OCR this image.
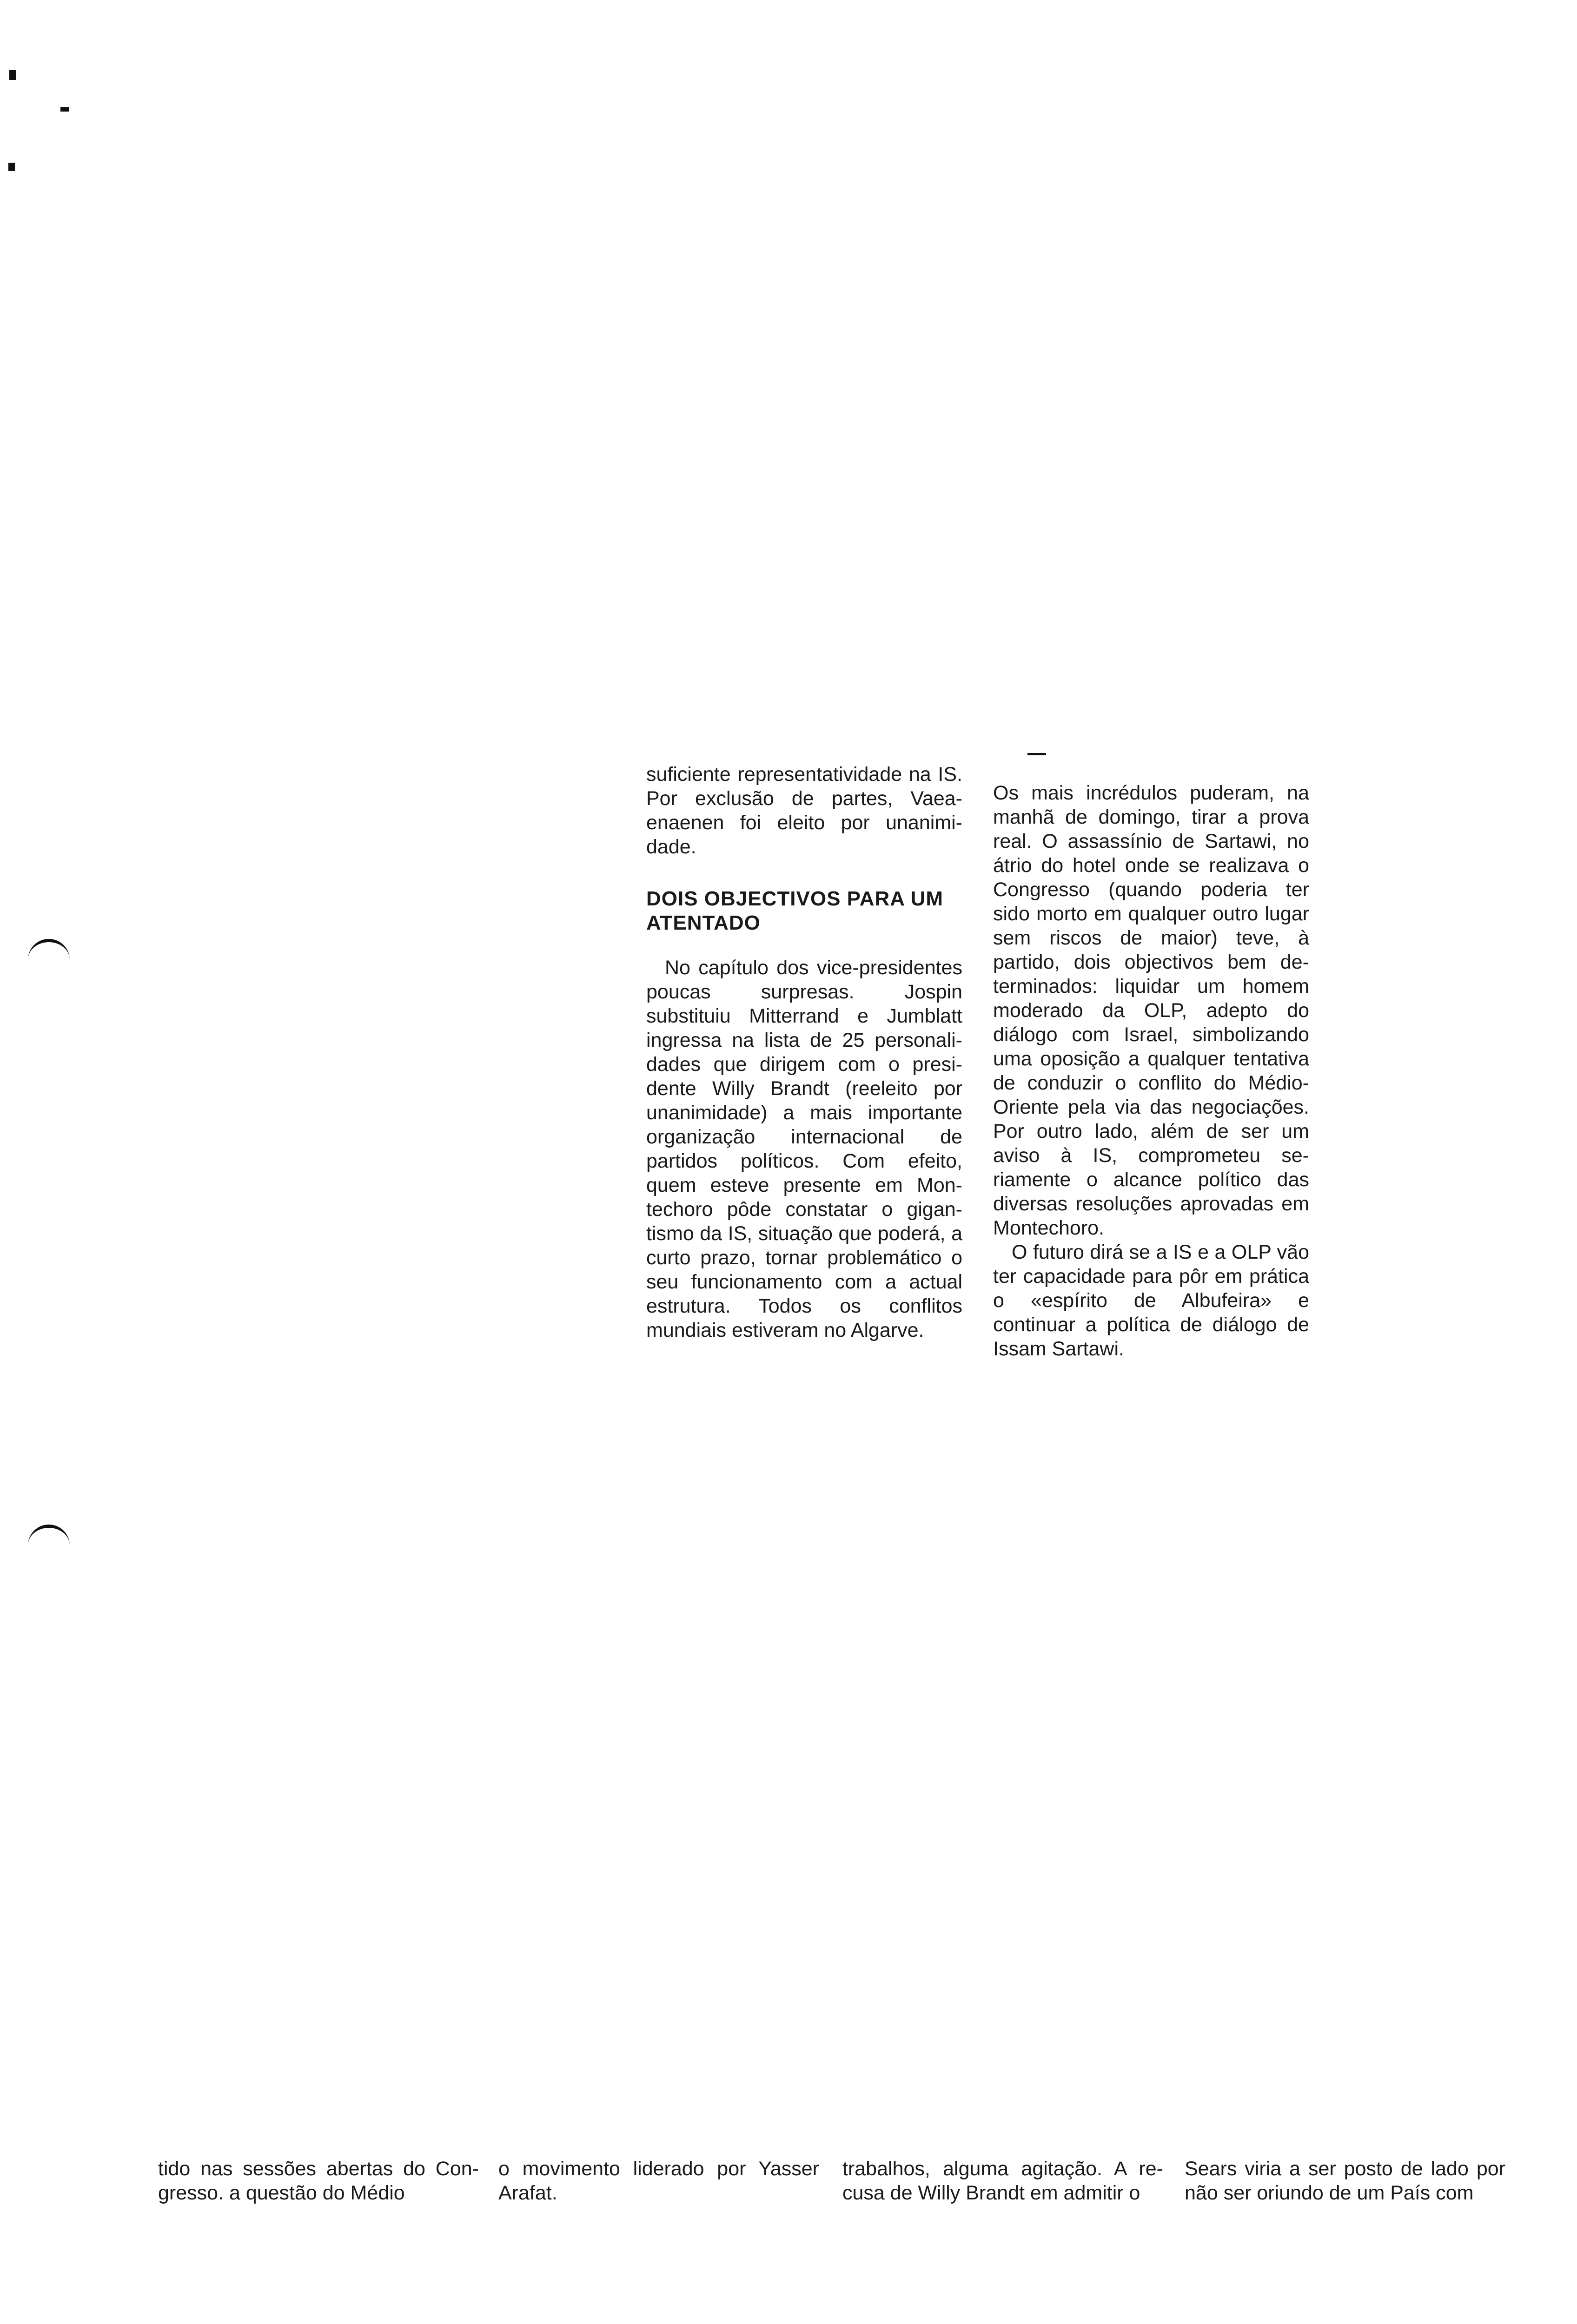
suficiente representatividade na IS. Por exclusão de partes, Vaeaenaenen foi eleito por unanimidade.

DOIS OBJECTIVOS PARA UM ATENTADO

No capítulo dos vice-presidentes poucas surpresas. Jospin substituiu Mitterrand e Jumblatt ingressa na lista de 25 personalidades que dirigem com o presidente Willy Brandt (reeleito por unanimidade) a mais importante organização internacional de partidos políticos. Com efeito, quem esteve presente em Montechoro pôde constatar o gigantismo da IS, situação que poderá, a curto prazo, tornar problemático o seu funcionamento com a actual estrutura. Todos os conflitos mundiais estiveram no Algarve.

Os mais incrédulos puderam, na manhã de domingo, tirar a prova real. O assassínio de Sartawi, no átrio do hotel onde se realizava o Congresso (quando poderia ter sido morto em qualquer outro lugar sem riscos de maior) teve, à partido, dois objectivos bem determinados: liquidar um homem moderado da OLP, adepto do diálogo com Israel, simbolizando uma oposição a qualquer tentativa de conduzir o conflito do Médio-Oriente pela via das negociações. Por outro lado, além de ser um aviso à IS, comprometeu seriamente o alcance político das diversas resoluções aprovadas em Montechoro.

O futuro dirá se a IS e a OLP vão ter capacidade para pôr em prática o «espírito de Albufeira» e continuar a política de diálogo de Issam Sartawi.

tido nas sessões abertas do Congresso. a questão do Médio
o movimento liderado por Yasser Arafat.
trabalhos, alguma agitação. A recusa de Willy Brandt em admitir o
Sears viria a ser posto de lado por não ser oriundo de um País com
